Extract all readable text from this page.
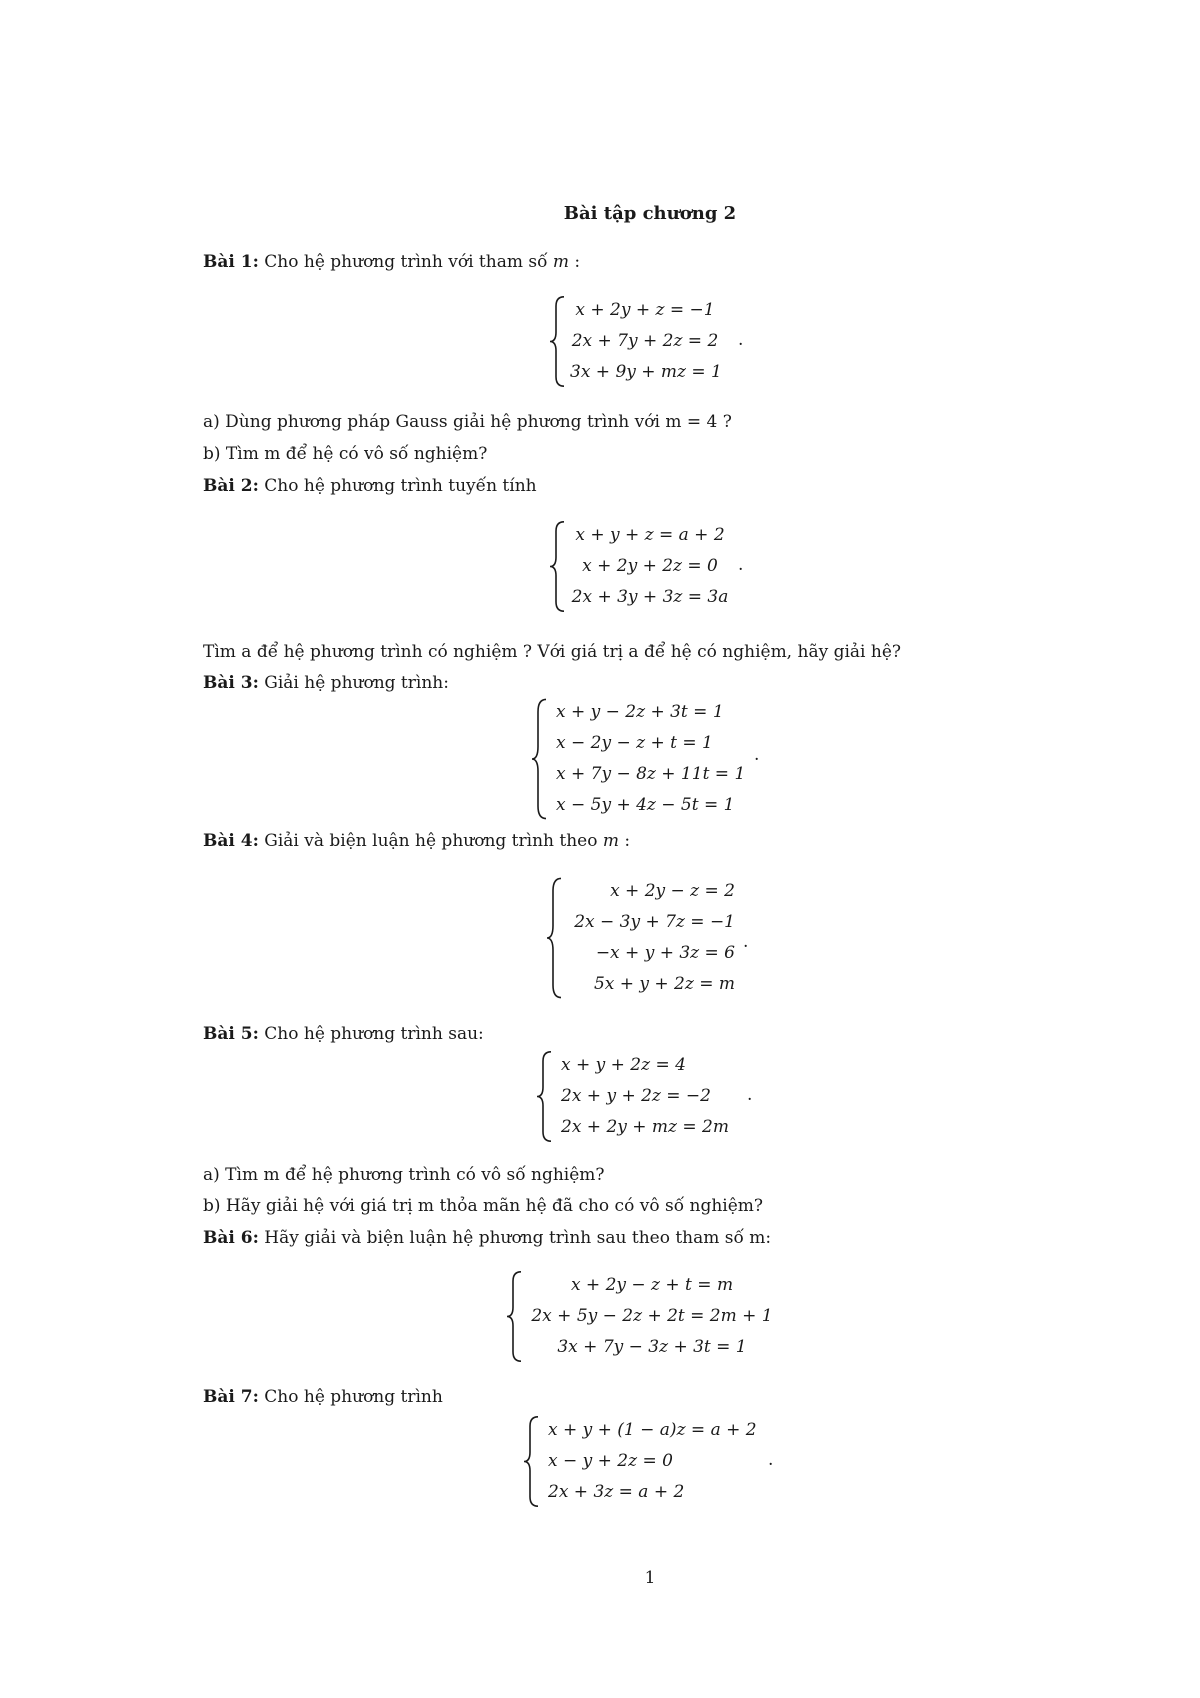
Bài tập chương 2
Bài 1: Cho hệ phương trình với tham số m :
x + 2y + z = −1
2x + 7y + 2z = 2
3x + 9y + mz = 1
.
a) Dùng phương pháp Gauss giải hệ phương trình với m = 4 ?
b) Tìm m để hệ có vô số nghiệm?
Bài 2: Cho hệ phương trình tuyến tính
x + y + z = a + 2
x + 2y + 2z = 0
2x + 3y + 3z = 3a
.
Tìm a để hệ phương trình có nghiệm ? Với giá trị a để hệ có nghiệm, hãy giải hệ?
Bài 3: Giải hệ phương trình:
x + y − 2z + 3t = 1
x − 2y − z + t = 1
x + 7y − 8z + 11t = 1
x − 5y + 4z − 5t = 1
.
Bài 4: Giải và biện luận hệ phương trình theo m :
x + 2y − z = 2
2x − 3y + 7z = −1
−x + y + 3z = 6
5x + y + 2z = m
.
Bài 5: Cho hệ phương trình sau:
x + y + 2z = 4
2x + y + 2z = −2
2x + 2y + mz = 2m
.
a) Tìm m để hệ phương trình có vô số nghiệm?
b) Hãy giải hệ với giá trị m thỏa mãn hệ đã cho có vô số nghiệm?
Bài 6: Hãy giải và biện luận hệ phương trình sau theo tham số m:
x + 2y − z + t = m
2x + 5y − 2z + 2t = 2m + 1
3x + 7y − 3z + 3t = 1
Bài 7: Cho hệ phương trình
x + y + (1 − a)z = a + 2
x − y + 2z = 0
2x + 3z = a + 2
.
1
